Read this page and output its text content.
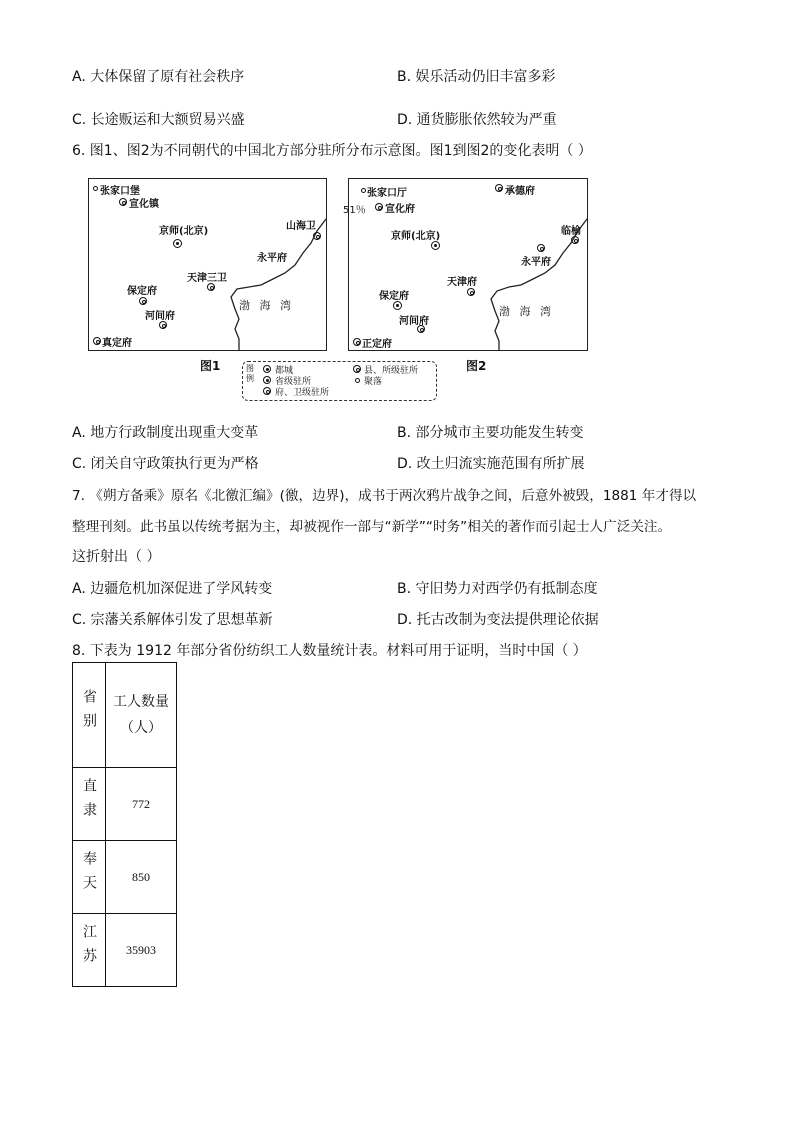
A. 大体保留了原有社会秩序	B. 娱乐活动仍旧丰富多彩
C. 长途贩运和大额贸易兴盛	D. 通货膨胀依然较为严重
6. 图1、图2为不同朝代的中国北方部分驻所分布示意图。图1到图2的变化表明（ ）
张家口堡
宣化镇
京师(北京)	山海卫
永平府
天津三卫
保定府
河间府
真定府
渤 海 湾
图1
张家口厅	承德府
51％ 宣化府
京师(北京)	临榆
永平府
天津府
保定府
河间府
正定府
渤 海 湾
图2
图例
都城
省级驻所
府、卫级驻所
县、所级驻所
聚落
A. 地方行政制度出现重大变革	B. 部分城市主要功能发生转变
C. 闭关自守政策执行更为严格	D. 改土归流实施范围有所扩展
7. 《朔方备乘》原名《北徼汇编》(徼，边界)，成书于两次鸦片战争之间，后意外被毁，1881 年才得以
整理刊刻。此书虽以传统考据为主，却被视作一部与“新学”“时务”相关的著作而引起士人广泛关注。
这折射出（ ）
A. 边疆危机加深促进了学风转变	B. 守旧势力对西学仍有抵制态度
C. 宗藩关系解体引发了思想革新	D. 托古改制为变法提供理论依据
8. 下表为 1912 年部分省份纺织工人数量统计表。材料可用于证明，当时中国（ ）
省别	工人数量（人）
直隶	772
奉天	850
江苏	35903
